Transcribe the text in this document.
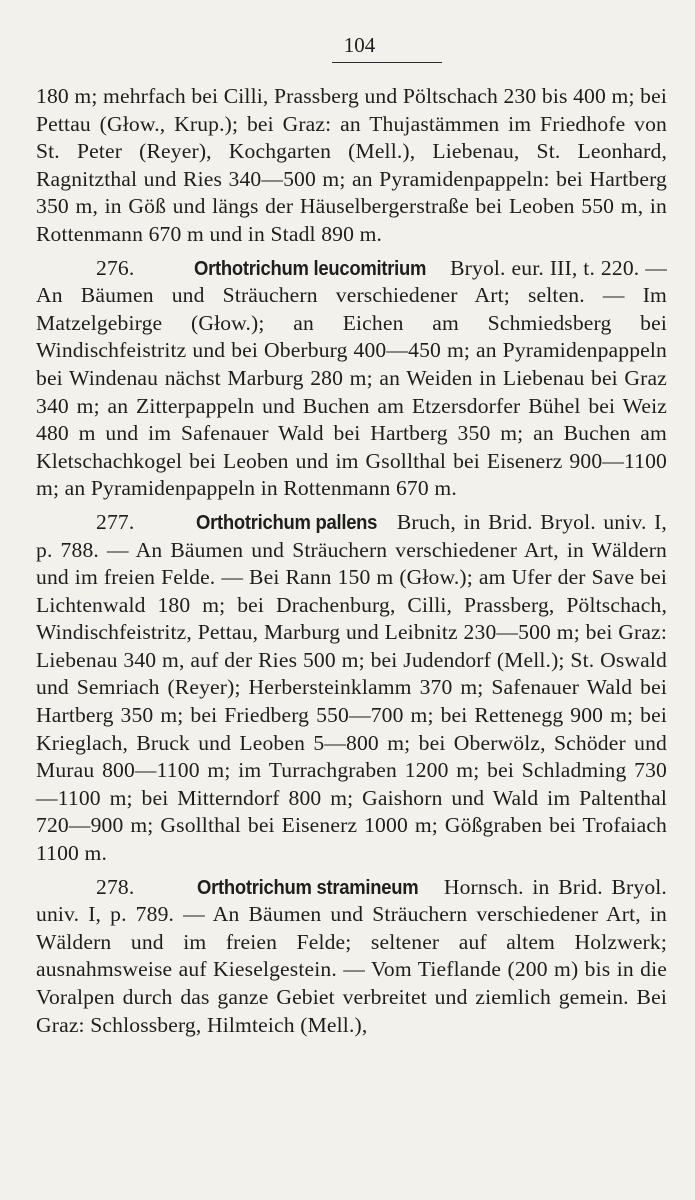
104

180 m; mehrfach bei Cilli, Prassberg und Pöltschach 230 bis 400 m; bei Pettau (Głow., Krup.); bei Graz: an Thujastämmen im Friedhofe von St. Peter (Reyer), Kochgarten (Mell.), Liebenau, St. Leonhard, Ragnitzthal und Ries 340—500 m; an Pyramidenpappeln: bei Hartberg 350 m, in Göß und längs der Häuselbergerstraße bei Leoben 550 m, in Rottenmann 670 m und in Stadl 890 m.

276.	Orthotrichum leucomitrium Bryol. eur. III, t. 220. — An Bäumen und Sträuchern verschiedener Art; selten. — Im Matzelgebirge (Głow.); an Eichen am Schmiedsberg bei Windischfeistritz und bei Oberburg 400—450 m; an Pyramidenpappeln bei Windenau nächst Marburg 280 m; an Weiden in Liebenau bei Graz 340 m; an Zitterpappeln und Buchen am Etzersdorfer Bühel bei Weiz 480 m und im Safenauer Wald bei Hartberg 350 m; an Buchen am Kletschachkogel bei Leoben und im Gsollthal bei Eisenerz 900—1100 m; an Pyramidenpappeln in Rottenmann 670 m.

277.	Orthotrichum pallens Bruch, in Brid. Bryol. univ. I, p. 788. — An Bäumen und Sträuchern verschiedener Art, in Wäldern und im freien Felde. — Bei Rann 150 m (Głow.); am Ufer der Save bei Lichtenwald 180 m; bei Drachenburg, Cilli, Prassberg, Pöltschach, Windischfeistritz, Pettau, Marburg und Leibnitz 230—500 m; bei Graz: Liebenau 340 m, auf der Ries 500 m; bei Judendorf (Mell.); St. Oswald und Semriach (Reyer); Herbersteinklamm 370 m; Safenauer Wald bei Hartberg 350 m; bei Friedberg 550—700 m; bei Rettenegg 900 m; bei Krieglach, Bruck und Leoben 5—800 m; bei Oberwölz, Schöder und Murau 800—1100 m; im Turrachgraben 1200 m; bei Schladming 730—1100 m; bei Mitterndorf 800 m; Gaishorn und Wald im Paltenthal 720—900 m; Gsollthal bei Eisenerz 1000 m; Gößgraben bei Trofaiach 1100 m.

278.	Orthotrichum stramineum Hornsch. in Brid. Bryol. univ. I, p. 789. — An Bäumen und Sträuchern verschiedener Art, in Wäldern und im freien Felde; seltener auf altem Holzwerk; ausnahmsweise auf Kieselgestein. — Vom Tieflande (200 m) bis in die Voralpen durch das ganze Gebiet verbreitet und ziemlich gemein. Bei Graz: Schlossberg, Hilmteich (Mell.),
